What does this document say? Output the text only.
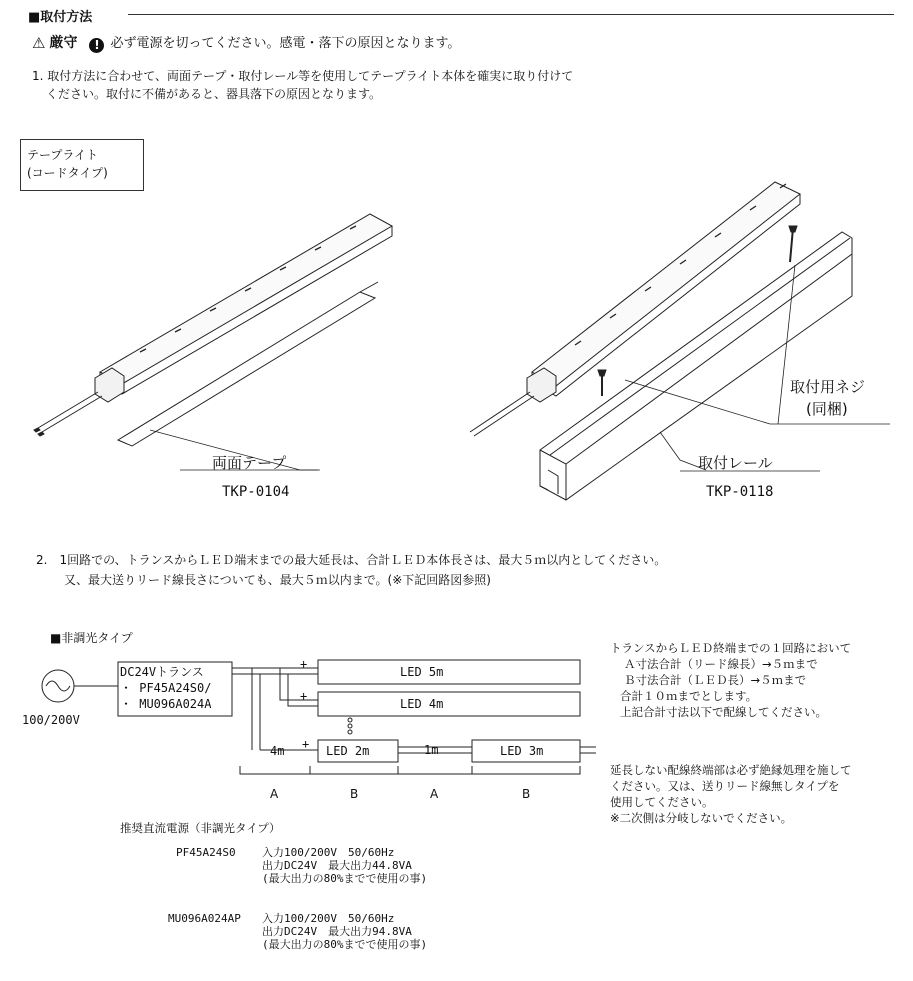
■取付方法
⚠ 厳守 ! 必ず電源を切ってください。感電・落下の原因となります。
1. 取付方法に合わせて、両面テープ・取付レール等を使用してテープライト本体を確実に取り付けて
ください。取付に不備があると、器具落下の原因となります。
テープライト
(コードタイプ)
両面テープ
TKP-0104
取付用ネジ
(同梱)
取付レール
TKP-0118
2.　1回路での、トランスからＬＥＤ端末までの最大延長は、合計ＬＥＤ本体長さは、最大５ｍ以内としてください。
又、最大送りリード線長さについても、最大５ｍ以内まで。(※下記回路図参照)
■非調光タイプ
DC24Vトランス
・ PF45A24S0/
・ MU096A024A
100/200V
+
+
+
LED 5m
LED 4m
LED 2m	LED 3m
4m	1m
A	B	A	B
トランスからＬＥＤ終端までの１回路において
Ａ寸法合計（リード線長）→５ｍまで
Ｂ寸法合計（ＬＥＤ長）→５ｍまで
合計１０ｍまでとします。
上記合計寸法以下で配線してください。
延長しない配線終端部は必ず絶縁処理を施して
ください。又は、送りリード線無しタイプを
使用してください。
※二次側は分岐しないでください。
推奨直流電源（非調光タイプ）
PF45A24S0 入力100/200V　50/60Hz
出力DC24V　最大出力44.8VA
(最大出力の80%までで使用の事)
MU096A024AP 入力100/200V　50/60Hz
出力DC24V　最大出力94.8VA
(最大出力の80%までで使用の事)
